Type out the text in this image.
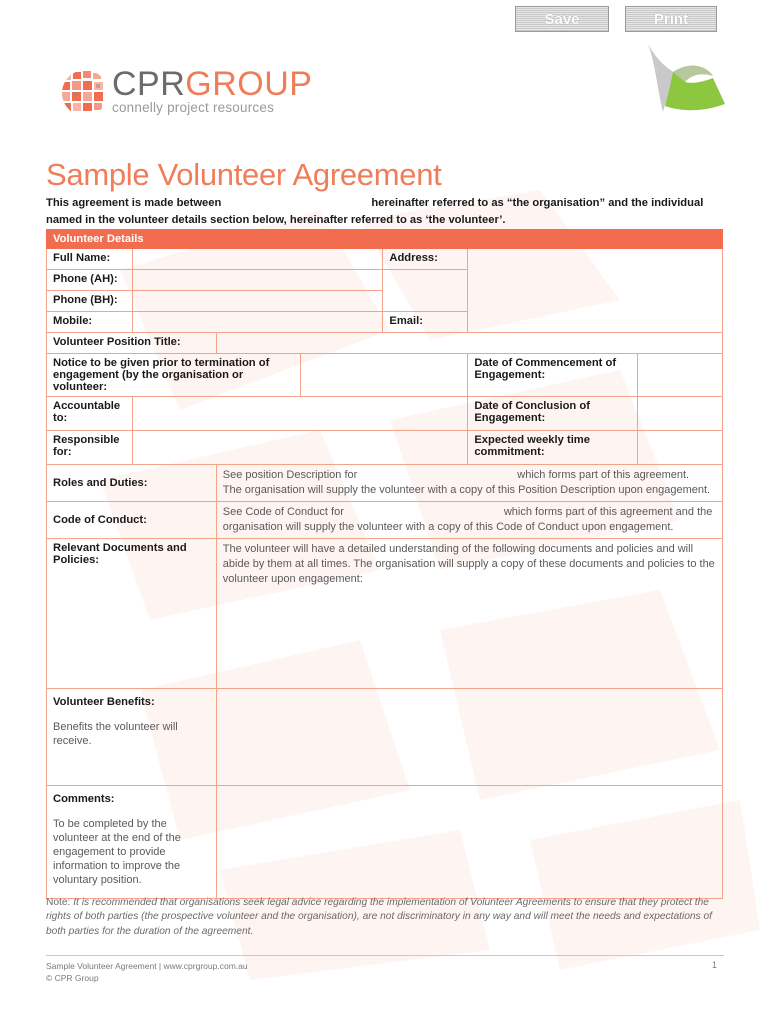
Save	Print
CPRGROUP
connelly project resources
Sample Volunteer Agreement
This agreement is made between	hereinafter referred to as “the organisation” and the individual named in the volunteer details section below, hereinafter referred to as ‘the volunteer’.
Volunteer Details						
Full Name:				Address:		
Phone (AH):						
Phone (BH):						
Mobile:				Email:		
Volunteer Position Title:						
Notice to be given prior to termination of engagement (by the organisation or volunteer:					Date of Commencement of Engagement:	
Accountable to:					Date of Conclusion of Engagement:	
Responsible for:					Expected weekly time commitment:	
Roles and Duties:		See position Description for which forms part of this agreement.
The organisation will supply the volunteer with a copy of this Position Description upon engagement.				
Code of Conduct:		See Code of Conduct for which forms part of this agreement and the organisation will supply the volunteer with a copy of this Code of Conduct upon engagement.				
Relevant Documents and Policies:		The volunteer will have a detailed understanding of the following documents and policies and will abide by them at all times. The organisation will supply a copy of these documents and policies to the volunteer upon engagement:				

Volunteer Benefits:
Benefits the volunteer will receive.						

Comments:
To be completed by the volunteer at the end of the engagement to provide information to improve the voluntary position.						

Note: It is recommended that organisations seek legal advice regarding the implementation of Volunteer Agreements to ensure that they protect the rights of both parties (the prospective volunteer and the organisation), are not discriminatory in any way and will meet the needs and expectations of both parties for the duration of the agreement.
Sample Volunteer Agreement | www.cprgroup.com.au
© CPR Group
1
